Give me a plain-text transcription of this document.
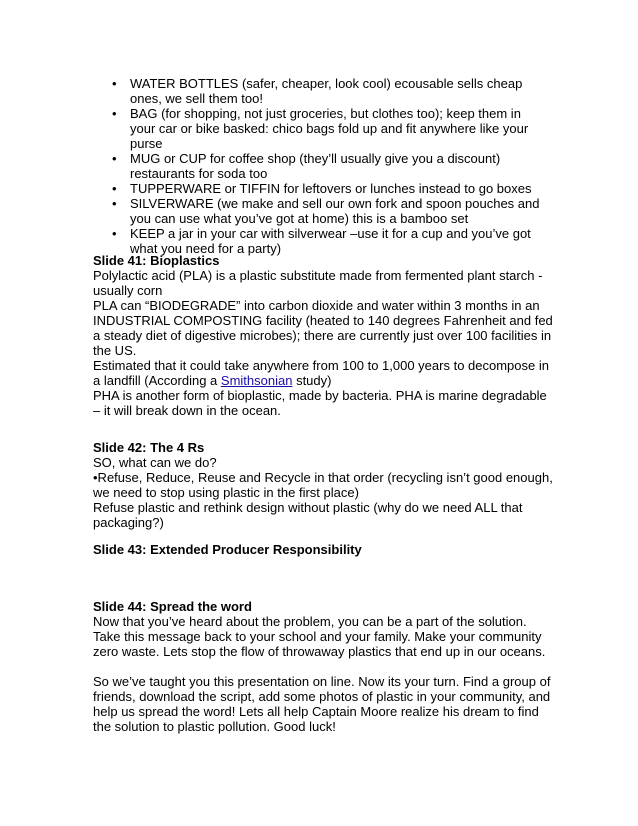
• WATER BOTTLES (safer, cheaper, look cool) ecousable sells cheap ones, we sell them too!
• BAG (for shopping, not just groceries, but clothes too); keep them in your car or bike basked: chico bags fold up and fit anywhere like your purse
• MUG or CUP for coffee shop (they’ll usually give you a discount) restaurants for soda too
• TUPPERWARE or TIFFIN for leftovers or lunches instead to go boxes
• SILVERWARE (we make and sell our own fork and spoon pouches and you can use what you’ve got at home) this is a bamboo set
• KEEP a jar in your car with silverwear –use it for a cup and you’ve got what you need for a party)

Slide 41: Bioplastics

Polylactic acid (PLA) is a plastic substitute made from fermented plant starch - usually corn

PLA can “BIODEGRADE” into carbon dioxide and water within 3 months in an INDUSTRIAL COMPOSTING facility (heated to 140 degrees Fahrenheit and fed a steady diet of digestive microbes); there are currently just over 100 facilities in the US.

Estimated that it could take anywhere from 100 to 1,000 years to decompose in a landfill (According a Smithsonian study)

PHA is another form of bioplastic, made by bacteria. PHA is marine degradable – it will break down in the ocean.

Slide 42: The 4 Rs

SO, what can we do?

•Refuse, Reduce, Reuse and Recycle in that order (recycling isn’t good enough, we need to stop using plastic in the first place)

Refuse plastic and rethink design without plastic (why do we need ALL that packaging?)

Slide 43: Extended Producer Responsibility

Slide 44: Spread the word

Now that you’ve heard about the problem, you can be a part of the solution. Take this message back to your school and your family. Make your community zero waste. Lets stop the flow of throwaway plastics that end up in our oceans.

So we’ve taught you this presentation on line. Now its your turn. Find a group of friends, download the script, add some photos of plastic in your community, and help us spread the word! Lets all help Captain Moore realize his dream to find the solution to plastic pollution. Good luck!
